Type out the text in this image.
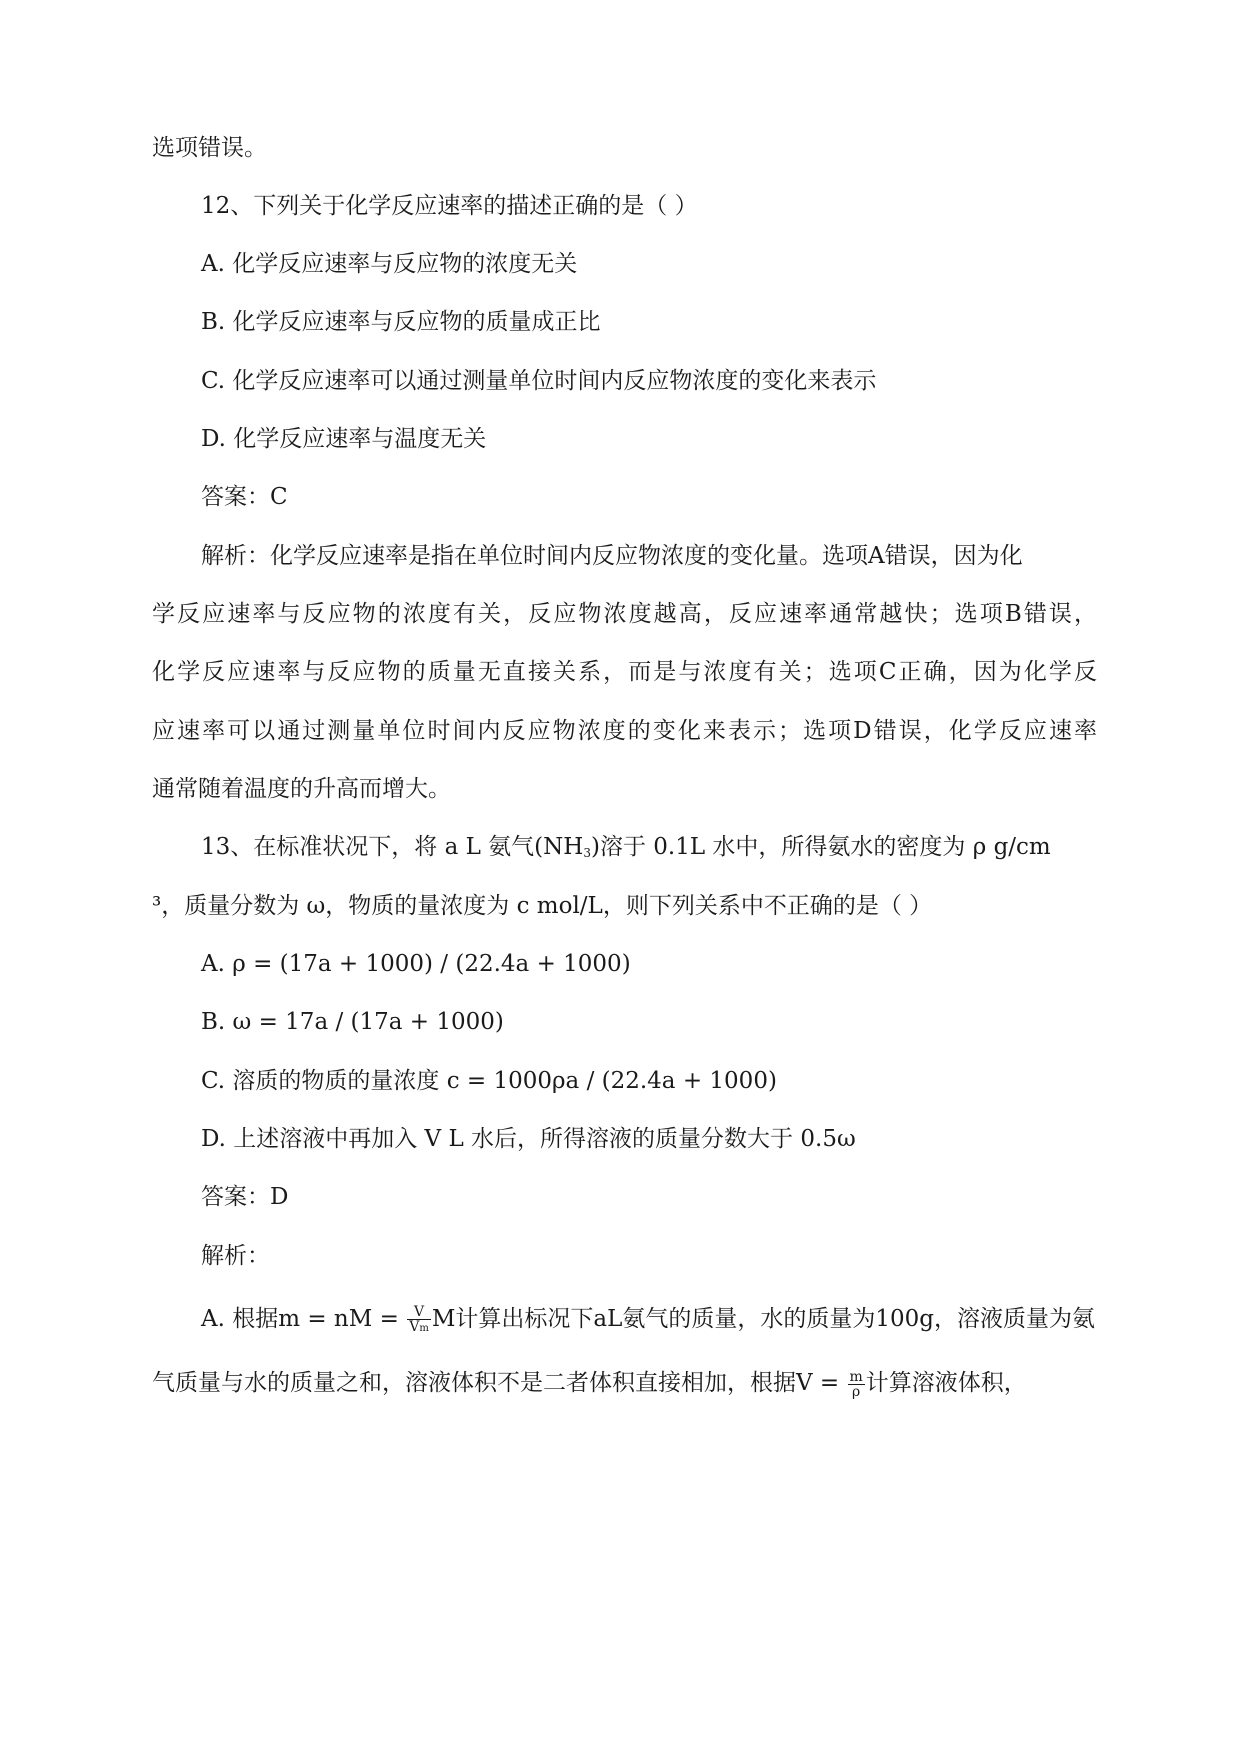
选项错误。
12、下列关于化学反应速率的描述正确的是（ ）
A. 化学反应速率与反应物的浓度无关
B. 化学反应速率与反应物的质量成正比
C. 化学反应速率可以通过测量单位时间内反应物浓度的变化来表示
D. 化学反应速率与温度无关
答案：C
解析：化学反应速率是指在单位时间内反应物浓度的变化量。选项A错误，因为化
学反应速率与反应物的浓度有关，反应物浓度越高，反应速率通常越快；选项B错误，
化学反应速率与反应物的质量无直接关系，而是与浓度有关；选项C正确，因为化学反
应速率可以通过测量单位时间内反应物浓度的变化来表示；选项D错误，化学反应速率
通常随着温度的升高而增大。
13、在标准状况下，将 a L 氨气(NH3)溶于 0.1L 水中，所得氨水的密度为 ρ g/cm
³，质量分数为 ω，物质的量浓度为 c mol/L，则下列关系中不正确的是（ ）
A. ρ = (17a + 1000) / (22.4a + 1000)
B. ω = 17a / (17a + 1000)
C. 溶质的物质的量浓度 c = 1000ρa / (22.4a + 1000)
D. 上述溶液中再加入 V L 水后，所得溶液的质量分数大于 0.5ω
答案：D
解析：
A. 根据m = nM = $\frac{V}{Vm}$ M计算出标况下aL氨气的质量，水的质量为100g，溶液质量为氨
气质量与水的质量之和，溶液体积不是二者体积直接相加，根据$V = \frac{m}{\rho}$ 计算溶液体积，
